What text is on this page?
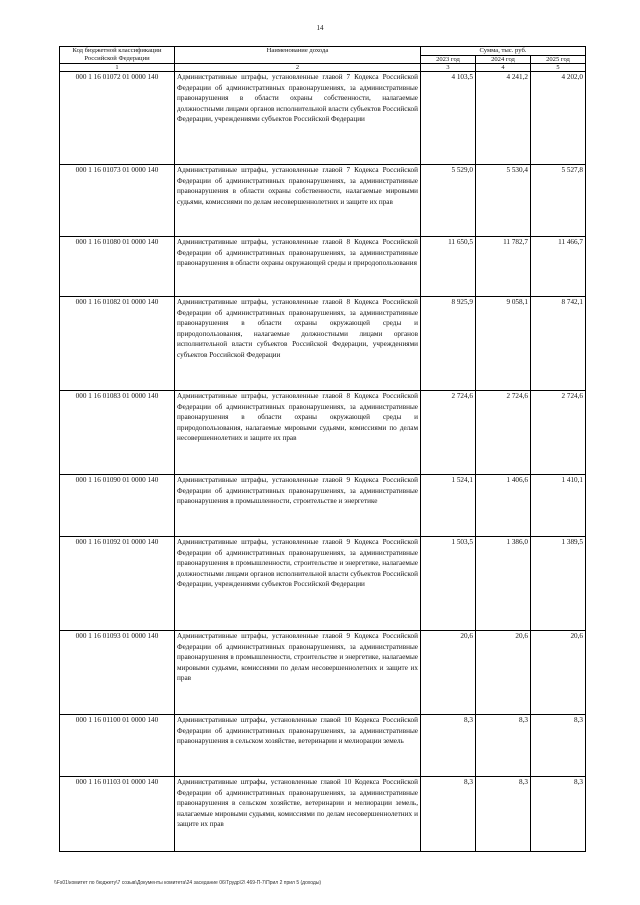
14
Код бюджетной классификации Российской Федерации	Наименование дохода	Сумма, тыс. руб.		
		2023 год	2024 год	2025 год
1	2	3	4	5
000 1 16 01072 01 0000 140	Административные штрафы, установленные главой 7 Кодекса Российской Федерации об административных правонарушениях, за административные правонарушения в области охраны собственности, налагаемые должностными лицами органов исполнительной власти субъектов Российской Федерации, учреждениями субъектов Российской Федерации	4 103,5	4 241,2	4 202,0
000 1 16 01073 01 0000 140	Административные штрафы, установленные главой 7 Кодекса Российской Федерации об административных правонарушениях, за административные правонарушения в области охраны собственности, налагаемые мировыми судьями, комиссиями по делам несовершеннолетних и защите их прав	5 529,0	5 530,4	5 527,8
000 1 16 01080 01 0000 140	Административные штрафы, установленные главой 8 Кодекса Российской Федерации об административных правонарушениях, за административные правонарушения в области охраны окружающей среды и природопользования	11 650,5	11 782,7	11 466,7
000 1 16 01082 01 0000 140	Административные штрафы, установленные главой 8 Кодекса Российской Федерации об административных правонарушениях, за административные правонарушения в области охраны окружающей среды и природопользования, налагаемые должностными лицами органов исполнительной власти субъектов Российской Федерации, учреждениями субъектов Российской Федерации	8 925,9	9 058,1	8 742,1
000 1 16 01083 01 0000 140	Административные штрафы, установленные главой 8 Кодекса Российской Федерации об административных правонарушениях, за административные правонарушения в области охраны окружающей среды и природопользования, налагаемые мировыми судьями, комиссиями по делам несовершеннолетних и защите их прав	2 724,6	2 724,6	2 724,6
000 1 16 01090 01 0000 140	Административные штрафы, установленные главой 9 Кодекса Российской Федерации об административных правонарушениях, за административные правонарушения в промышленности, строительстве и энергетике	1 524,1	1 406,6	1 410,1
000 1 16 01092 01 0000 140	Административные штрафы, установленные главой 9 Кодекса Российской Федерации об административных правонарушениях, за административные правонарушения в промышленности, строительстве и энергетике, налагаемые должностными лицами органов исполнительной власти субъектов Российской Федерации, учреждениями субъектов Российской Федерации	1 503,5	1 386,0	1 389,5
000 1 16 01093 01 0000 140	Административные штрафы, установленные главой 9 Кодекса Российской Федерации об административных правонарушениях, за административные правонарушения в промышленности, строительстве и энергетике, налагаемые мировыми судьями, комиссиями по делам несовершеннолетних и защите их прав	20,6	20,6	20,6
000 1 16 01100 01 0000 140	Административные штрафы, установленные главой 10 Кодекса Российской Федерации об административных правонарушениях, за административные правонарушения в сельском хозяйстве, ветеринарии и мелиорации земель	8,3	8,3	8,3
000 1 16 01103 01 0000 140	Административные штрафы, установленные главой 10 Кодекса Российской Федерации об административных правонарушениях, за административные правонарушения в сельском хозяйстве, ветеринарии и мелиорации земель, налагаемые мировыми судьями, комиссиями по делам несовершеннолетних и защите их прав	8,3	8,3	8,3
\\Fs01\комитет по бюджету\7 созыв\Документы комитета\24 заседание 06\Трудр\2\ 469-П-7\Прил 2 прил 5 (доходы)
